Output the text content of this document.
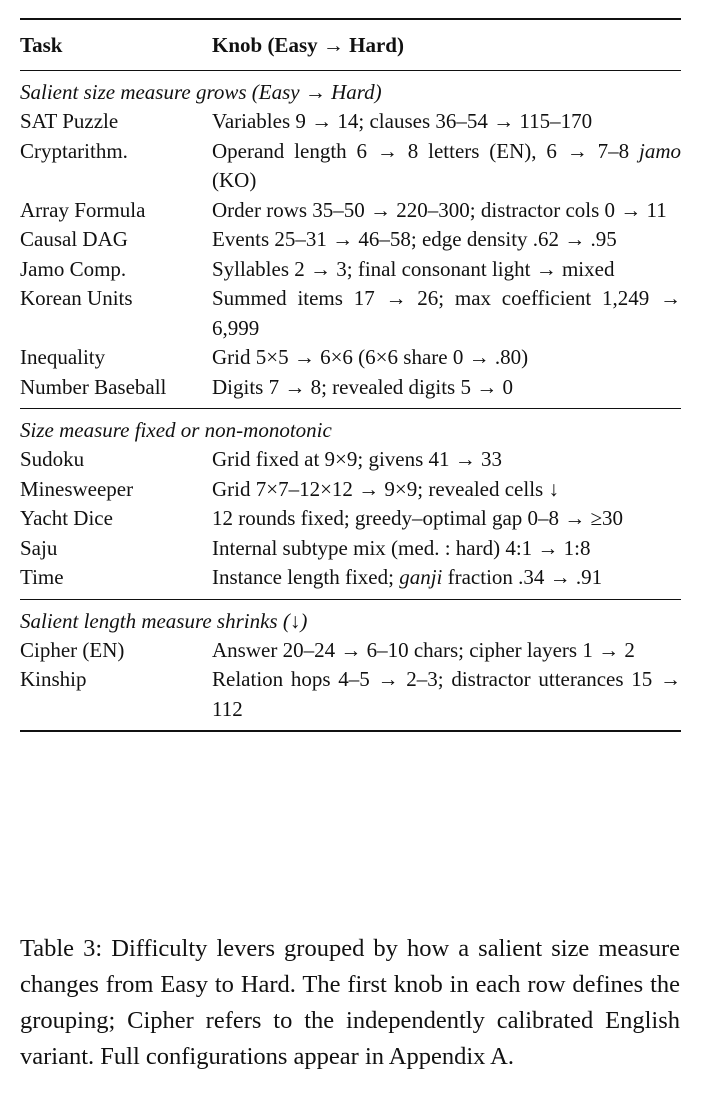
Task	Knob (Easy → Hard)
Salient size measure grows (Easy → Hard)
SAT Puzzle	Variables 9 → 14; clauses 36–54 → 115–170
Cryptarithm.	Operand length 6 → 8 letters (EN), 6 → 7–8 jamo (KO)
Array Formula	Order rows 35–50 → 220–300; distractor cols 0 → 11
Causal DAG	Events 25–31 → 46–58; edge density .62 → .95
Jamo Comp.	Syllables 2 → 3; final consonant light → mixed
Korean Units	Summed items 17 → 26; max coefficient 1,249 → 6,999
Inequality	Grid 5×5 → 6×6 (6×6 share 0 → .80)
Number Baseball	Digits 7 → 8; revealed digits 5 → 0
Size measure fixed or non-monotonic
Sudoku	Grid fixed at 9×9; givens 41 → 33
Minesweeper	Grid 7×7–12×12 → 9×9; revealed cells ↓
Yacht Dice	12 rounds fixed; greedy–optimal gap 0–8 → ≥30
Saju	Internal subtype mix (med. : hard) 4:1 → 1:8
Time	Instance length fixed; ganji fraction .34 → .91
Salient length measure shrinks (↓)
Cipher (EN)	Answer 20–24 → 6–10 chars; cipher layers 1 → 2
Kinship	Relation hops 4–5 → 2–3; distractor utterances 15 → 112

Table 3: Difficulty levers grouped by how a salient size measure changes from Easy to Hard. The first knob in each row defines the grouping; Cipher refers to the independently calibrated English variant. Full configurations appear in Appendix A.
